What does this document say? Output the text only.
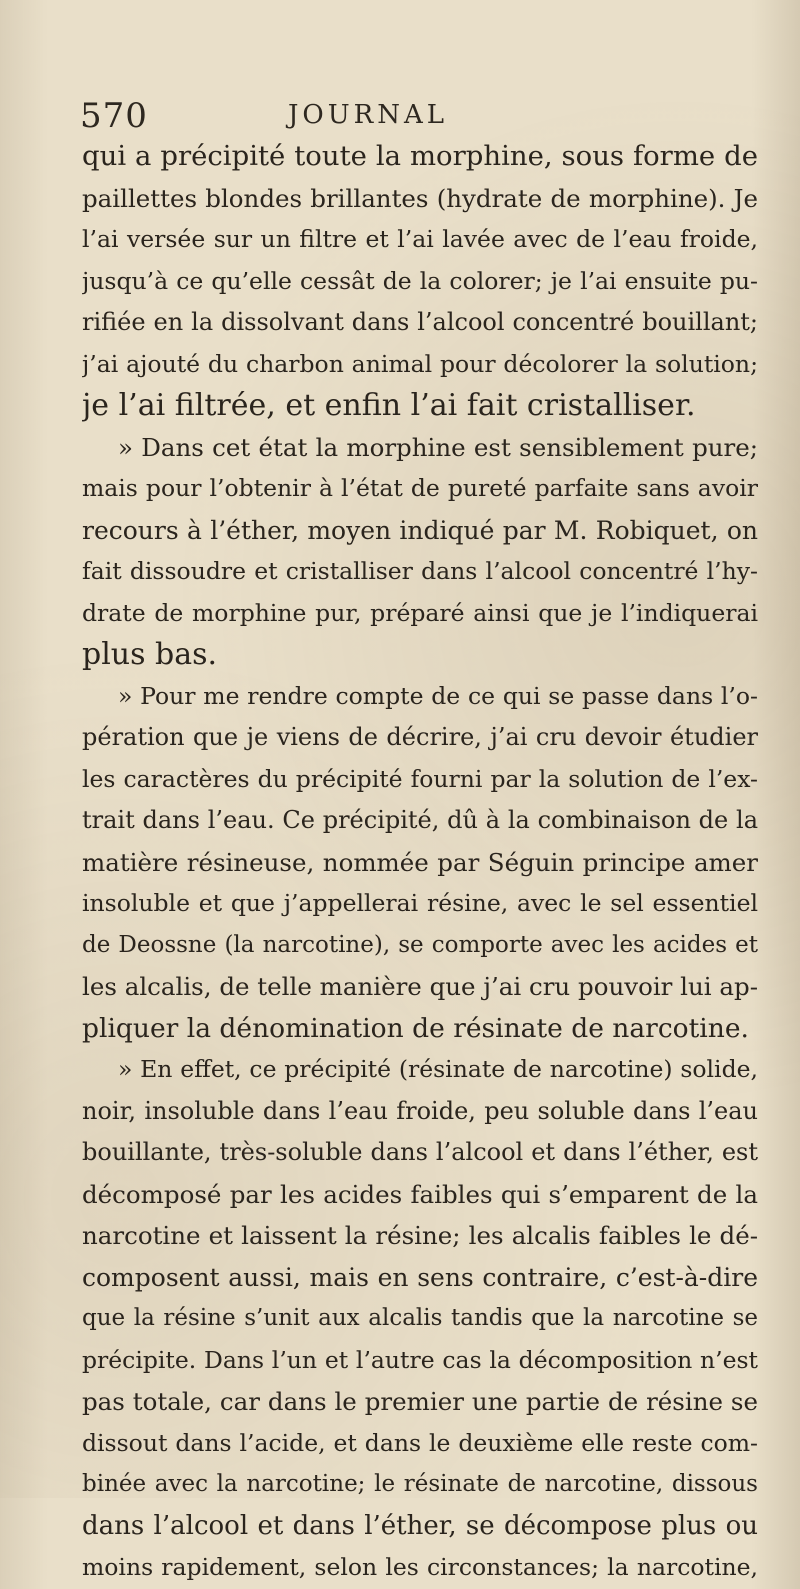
570	JOURNAL
qui a précipité toute la morphine, sous forme de
paillettes blondes brillantes (hydrate de morphine). Je
l’ai versée sur un filtre et l’ai lavée avec de l’eau froide,
jusqu’à ce qu’elle cessât de la colorer; je l’ai ensuite pu-
rifiée en la dissolvant dans l’alcool concentré bouillant;
j’ai ajouté du charbon animal pour décolorer la solution;
je l’ai filtrée, et enfin l’ai fait cristalliser.
» Dans cet état la morphine est sensiblement pure;
mais pour l’obtenir à l’état de pureté parfaite sans avoir
recours à l’éther, moyen indiqué par M. Robiquet, on
fait dissoudre et cristalliser dans l’alcool concentré l’hy-
drate de morphine pur, préparé ainsi que je l’indiquerai
plus bas.
» Pour me rendre compte de ce qui se passe dans l’o-
pération que je viens de décrire, j’ai cru devoir étudier
les caractères du précipité fourni par la solution de l’ex-
trait dans l’eau. Ce précipité, dû à la combinaison de la
matière résineuse, nommée par Séguin principe amer
insoluble et que j’appellerai résine, avec le sel essentiel
de Deossne (la narcotine), se comporte avec les acides et
les alcalis, de telle manière que j’ai cru pouvoir lui ap-
pliquer la dénomination de résinate de narcotine.
» En effet, ce précipité (résinate de narcotine) solide,
noir, insoluble dans l’eau froide, peu soluble dans l’eau
bouillante, très-soluble dans l’alcool et dans l’éther, est
décomposé par les acides faibles qui s’emparent de la
narcotine et laissent la résine; les alcalis faibles le dé-
composent aussi, mais en sens contraire, c’est-à-dire
que la résine s’unit aux alcalis tandis que la narcotine se
précipite. Dans l’un et l’autre cas la décomposition n’est
pas totale, car dans le premier une partie de résine se
dissout dans l’acide, et dans le deuxième elle reste com-
binée avec la narcotine; le résinate de narcotine, dissous
dans l’alcool et dans l’éther, se décompose plus ou
moins rapidement, selon les circonstances; la narcotine,
